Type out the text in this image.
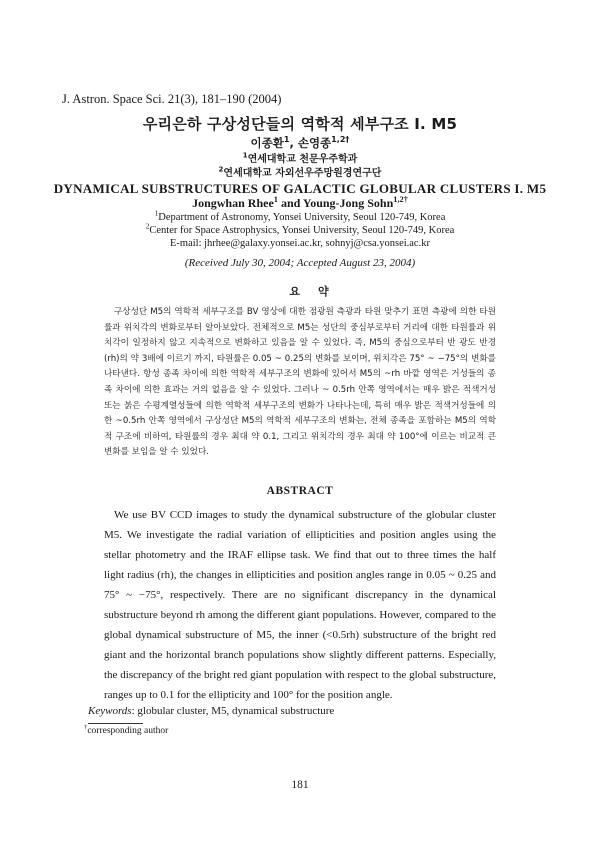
J. Astron. Space Sci. 21(3), 181–190 (2004)
우리은하 구상성단들의 역학적 세부구조 I. M5
이종환$^1$, 손영종$^{1,2\dagger}$
$^1$연세대학교 천문우주학과
$^2$연세대학교 자외선우주망원경연구단
DYNAMICAL SUBSTRUCTURES OF GALACTIC GLOBULAR CLUSTERS I. M5
Jongwhan Rhee$^1$ and Young-Jong Sohn$^{1,2\dagger}$
$^1$Department of Astronomy, Yonsei University, Seoul 120-749, Korea
$^2$Center for Space Astrophysics, Yonsei University, Seoul 120-749, Korea
E-mail: jhrhee@galaxy.yonsei.ac.kr, sohnyj@csa.yonsei.ac.kr
(Received July 30, 2004; Accepted August 23, 2004)
요약
구상성단 M5의 역학적 세부구조를 BV 영상에 대한 점광원 측광과 타원 맞추기 표면 측광에 의한 타원률과 위치각의 변화로부터 알아보았다. 전체적으로 M5는 성단의 중심부로부터 거리에 대한 타원률과 위치각이 일정하지 않고 지속적으로 변화하고 있음을 알 수 있었다. 즉, M5의 중심으로부터 반 광도 반경(rh)의 약 3배에 이르기 까지, 타원률은 0.05 ~ 0.25의 변화를 보이며, 위치각은 75° ~ −75°의 변화를 나타낸다. 항성 종족 차이에 의한 역학적 세부구조의 변화에 있어서 M5의 ~rh 바깥 영역은 거성들의 종족 차이에 의한 효과는 거의 없음을 알 수 있었다. 그러나 ~ 0.5rh 안쪽 영역에서는 매우 밝은 적색거성 또는 붉은 수평계열성들에 의한 역학적 세부구조의 변화가 나타나는데, 특히 매우 밝은 적색거성들에 의한 ~0.5rh 안쪽 영역에서 구상성단 M5의 역학적 세부구조의 변화는, 전체 종족을 포함하는 M5의 역학적 구조에 비하여, 타원률의 경우 최대 약 0.1, 그리고 위치각의 경우 최대 약 100°에 이르는 비교적 큰 변화를 보임을 알 수 있었다.
ABSTRACT
We use BV CCD images to study the dynamical substructure of the globular cluster M5. We investigate the radial variation of ellipticities and position angles using the stellar photometry and the IRAF ellipse task. We find that out to three times the half light radius (rh), the changes in ellipticities and position angles range in 0.05 ~ 0.25 and 75° ~ −75°, respectively. There are no significant discrepancy in the dynamical substructure beyond rh among the different giant populations. However, compared to the global dynamical substructure of M5, the inner (<0.5rh) substructure of the bright red giant and the horizontal branch populations show slightly different patterns. Especially, the discrepancy of the bright red giant population with respect to the global substructure, ranges up to 0.1 for the ellipticity and 100° for the position angle.
Keywords: globular cluster, M5, dynamical substructure
†corresponding author
181
